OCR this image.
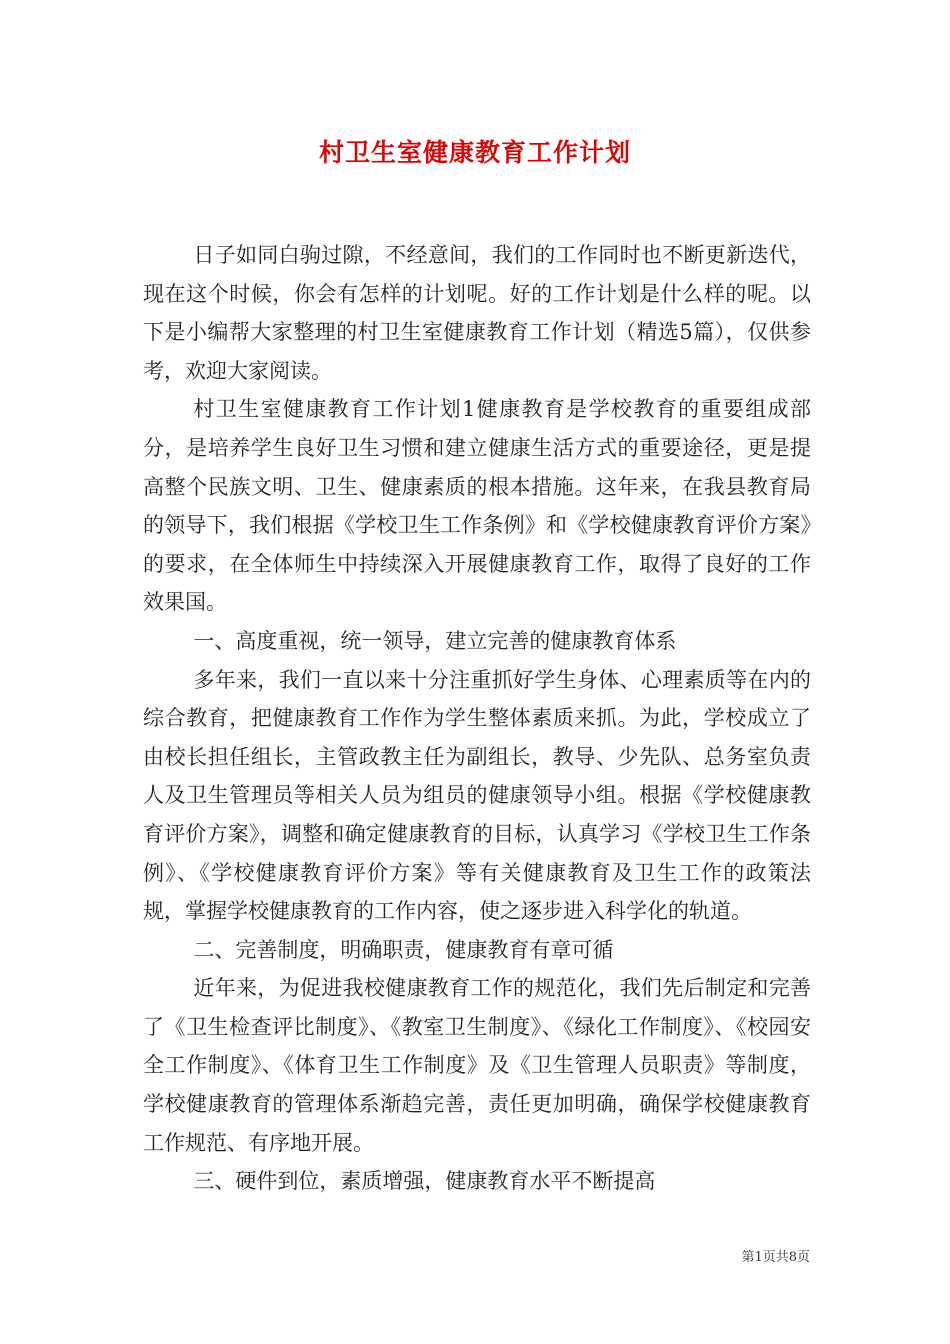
村卫生室健康教育工作计划

日子如同白驹过隙，不经意间，我们的工作同时也不断更新迭代，现在这个时候，你会有怎样的计划呢。好的工作计划是什么样的呢。以下是小编帮大家整理的村卫生室健康教育工作计划（精选5篇），仅供参考，欢迎大家阅读。

村卫生室健康教育工作计划1健康教育是学校教育的重要组成部分，是培养学生良好卫生习惯和建立健康生活方式的重要途径，更是提高整个民族文明、卫生、健康素质的根本措施。这年来，在我县教育局的领导下，我们根据《学校卫生工作条例》和《学校健康教育评价方案》的要求，在全体师生中持续深入开展健康教育工作，取得了良好的工作效果国。

一、高度重视，统一领导，建立完善的健康教育体系

多年来，我们一直以来十分注重抓好学生身体、心理素质等在内的综合教育，把健康教育工作作为学生整体素质来抓。为此，学校成立了由校长担任组长，主管政教主任为副组长，教导、少先队、总务室负责人及卫生管理员等相关人员为组员的健康领导小组。根据《学校健康教育评价方案》，调整和确定健康教育的目标，认真学习《学校卫生工作条例》、《学校健康教育评价方案》等有关健康教育及卫生工作的政策法规，掌握学校健康教育的工作内容，使之逐步进入科学化的轨道。

二、完善制度，明确职责，健康教育有章可循

近年来，为促进我校健康教育工作的规范化，我们先后制定和完善了《卫生检查评比制度》、《教室卫生制度》、《绿化工作制度》、《校园安全工作制度》、《体育卫生工作制度》及《卫生管理人员职责》等制度，学校健康教育的管理体系渐趋完善，责任更加明确，确保学校健康教育工作规范、有序地开展。

三、硬件到位，素质增强，健康教育水平不断提高

第1页共8页
